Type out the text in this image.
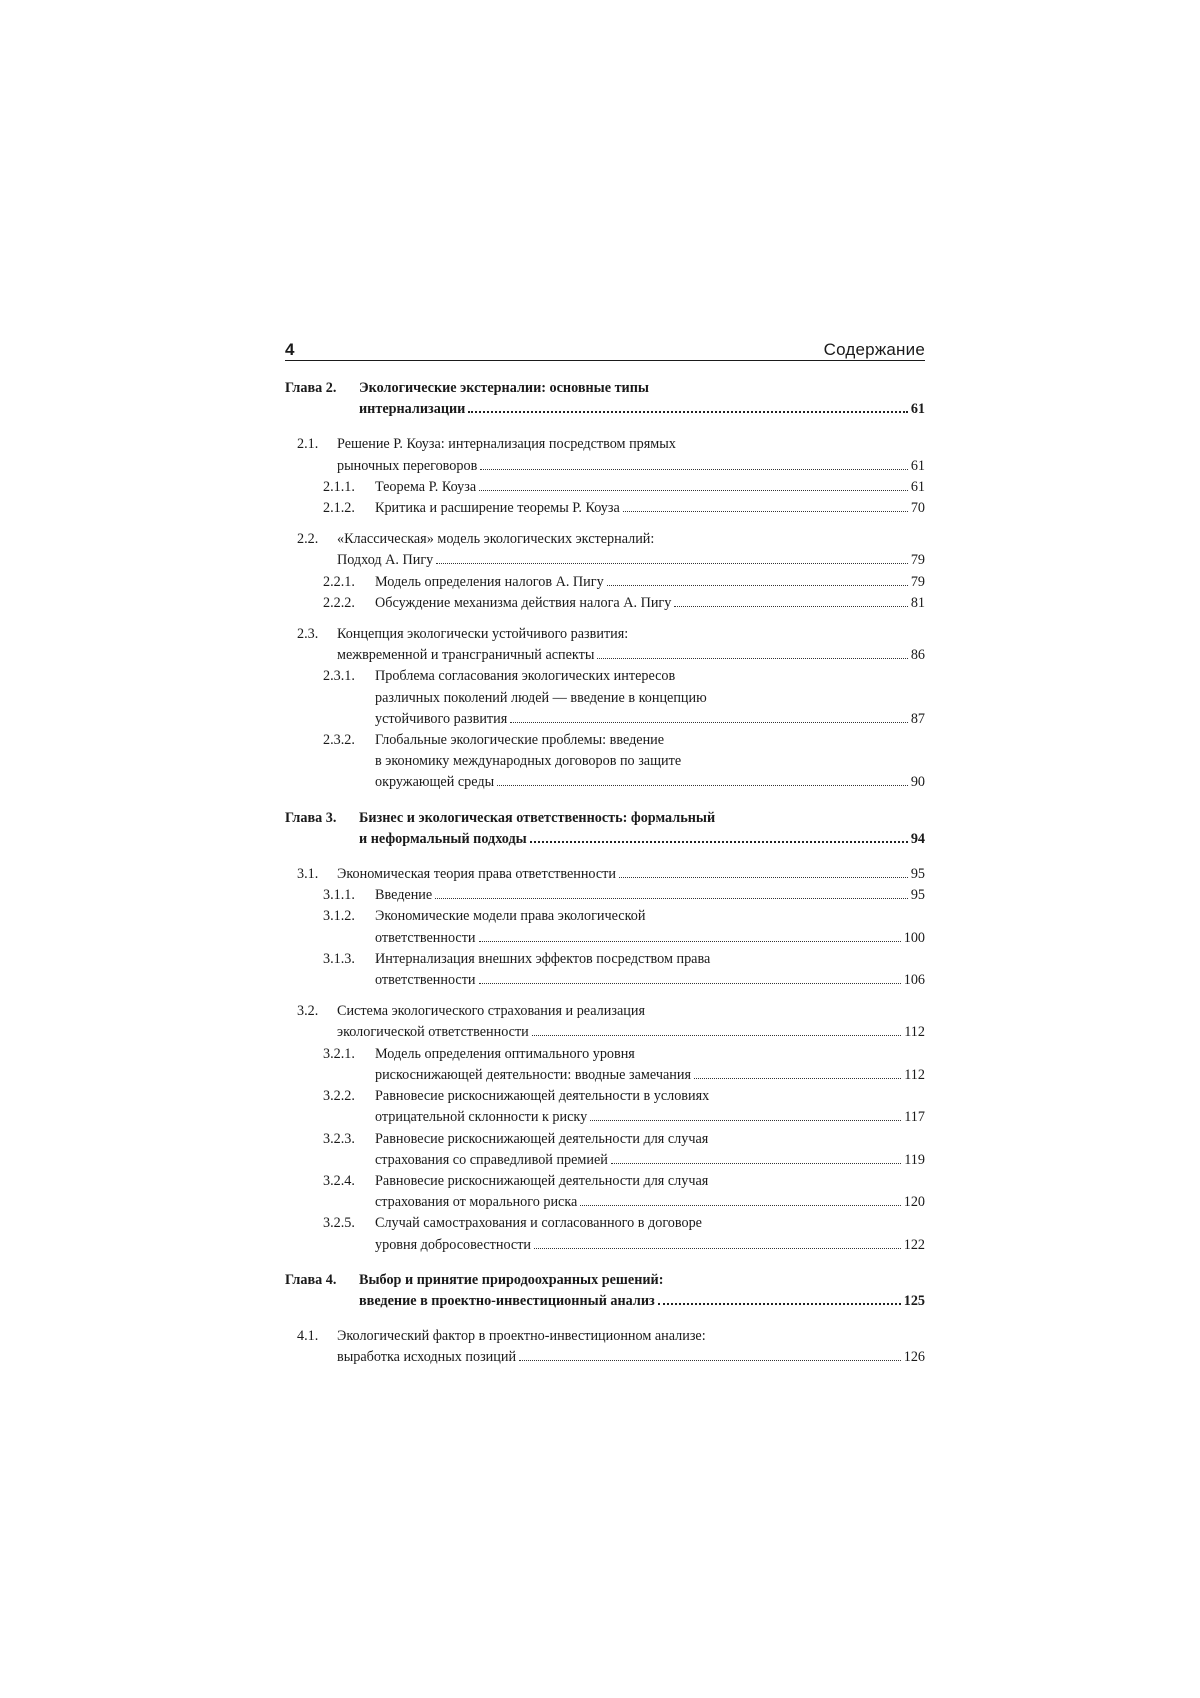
4	Содержание
Глава 2. Экологические экстерналии: основные типы
интернализации	61
2.1. Решение Р. Коуза: интернализация посредством прямых
рыночных переговоров	61
2.1.1. Теорема Р. Коуза	61
2.1.2. Критика и расширение теоремы Р. Коуза	70
2.2. «Классическая» модель экологических экстерналий:
Подход А. Пигу	79
2.2.1. Модель определения налогов А. Пигу	79
2.2.2. Обсуждение механизма действия налога А. Пигу	81
2.3. Концепция экологически устойчивого развития:
межвременной и трансграничный аспекты	86
2.3.1. Проблема согласования экологических интересов
различных поколений людей — введение в концепцию
устойчивого развития	87
2.3.2. Глобальные экологические проблемы: введение
в экономику международных договоров по защите
окружающей среды	90
Глава 3. Бизнес и экологическая ответственность: формальный
и неформальный подходы	94
3.1. Экономическая теория права ответственности	95
3.1.1. Введение	95
3.1.2. Экономические модели права экологической
ответственности	100
3.1.3. Интернализация внешних эффектов посредством права
ответственности	106
3.2. Система экологического страхования и реализация
экологической ответственности	112
3.2.1. Модель определения оптимального уровня
рискоснижающей деятельности: вводные замечания	112
3.2.2. Равновесие рискоснижающей деятельности в условиях
отрицательной склонности к риску	117
3.2.3. Равновесие рискоснижающей деятельности для случая
страхования со справедливой премией	119
3.2.4. Равновесие рискоснижающей деятельности для случая
страхования от морального риска	120
3.2.5. Случай самострахования и согласованного в договоре
уровня добросовестности	122
Глава 4. Выбор и принятие природоохранных решений:
введение в проектно-инвестиционный анализ	125
4.1. Экологический фактор в проектно-инвестиционном анализе:
выработка исходных позиций	126
